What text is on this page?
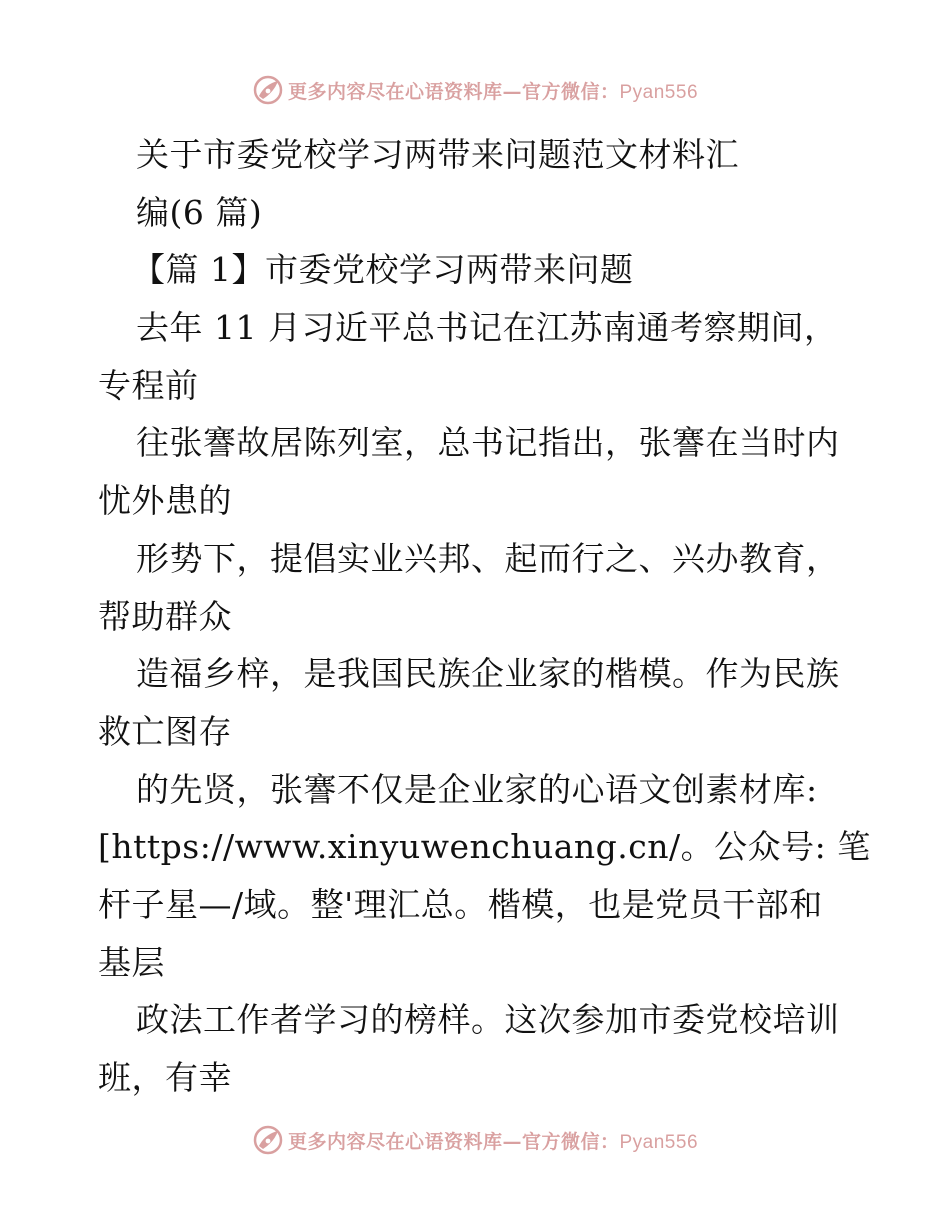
更多内容尽在心语资料库—官方微信：Pyan556
关于市委党校学习两带来问题范文材料汇
编(6 篇)
【篇 1】市委党校学习两带来问题
去年 11 月习近平总书记在江苏南通考察期间，
专程前
往张謇故居陈列室，总书记指出，张謇在当时内
忧外患的
形势下，提倡实业兴邦、起而行之、兴办教育，
帮助群众
造福乡梓，是我国民族企业家的楷模。作为民族
救亡图存
的先贤，张謇不仅是企业家的心语文创素材库:
[https://www.xinyuwenchuang.cn/。公众号: 笔
杆子星—/域。整'理汇总。楷模，也是党员干部和
基层
政法工作者学习的榜样。这次参加市委党校培训
班，有幸
更多内容尽在心语资料库—官方微信：Pyan556
